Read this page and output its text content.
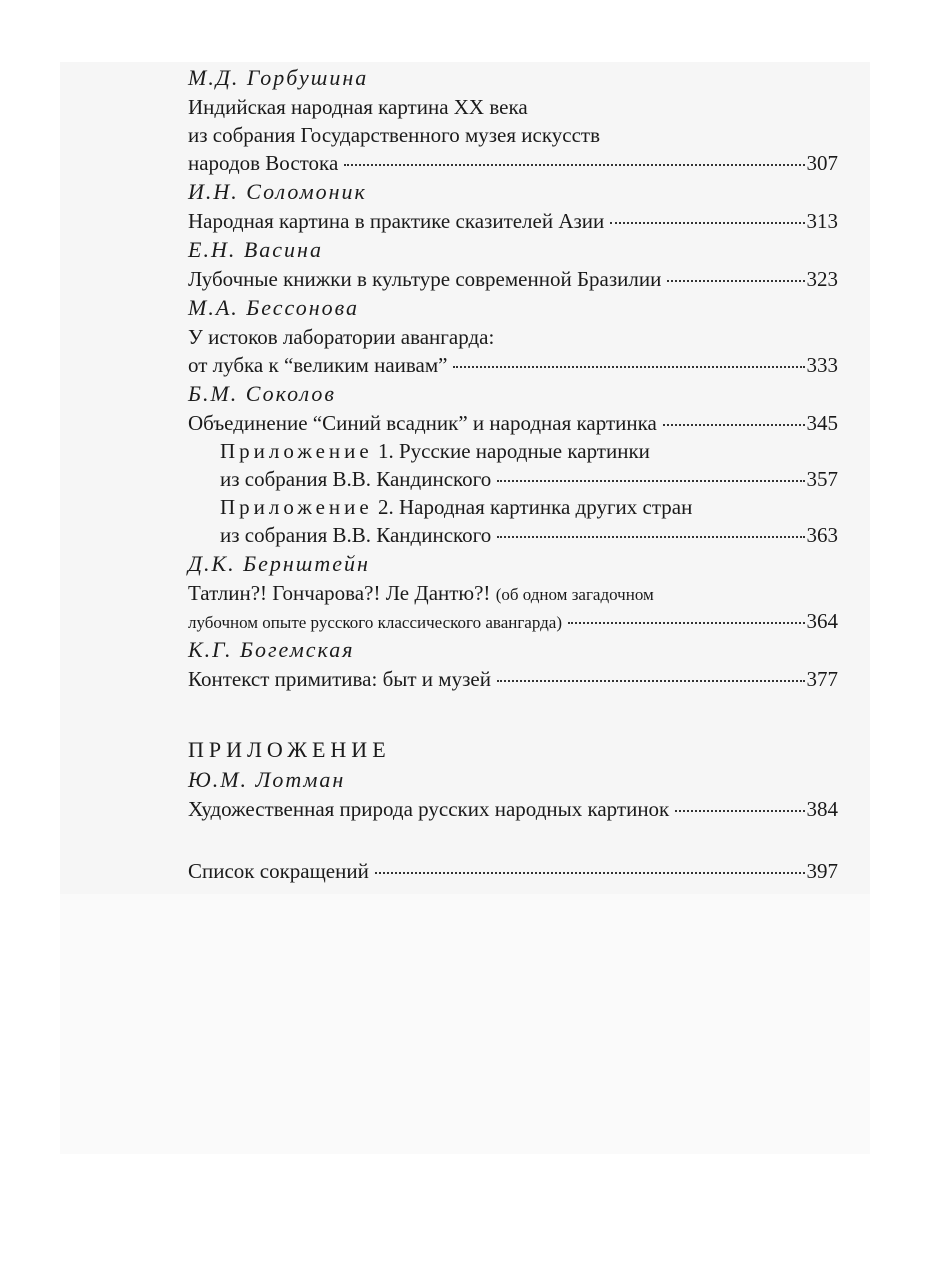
М.Д. Горбушина
Индийская народная картина XX века
из собрания Государственного музея искусств
народов Востока	307
И.Н. Соломоник
Народная картина в практике сказителей Азии	313
Е.Н. Васина
Лубочные книжки в культуре современной Бразилии	323
М.А. Бессонова
У истоков лаборатории авангарда:
от лубка к “великим наивам”	333
Б.М. Соколов
Объединение “Синий всадник” и народная картинка	345
Приложение 1. Русские народные картинки
из собрания В.В. Кандинского	357
Приложение 2. Народная картинка других стран
из собрания В.В. Кандинского	363
Д.К. Бернштейн
Татлин?! Гончарова?! Ле Дантю?! (об одном загадочном
лубочном опыте русского классического авангарда)	364
К.Г. Богемская
Контекст примитива: быт и музей	377
ПРИЛОЖЕНИЕ
Ю.М. Лотман
Художественная природа русских народных картинок	384
Список сокращений	397
